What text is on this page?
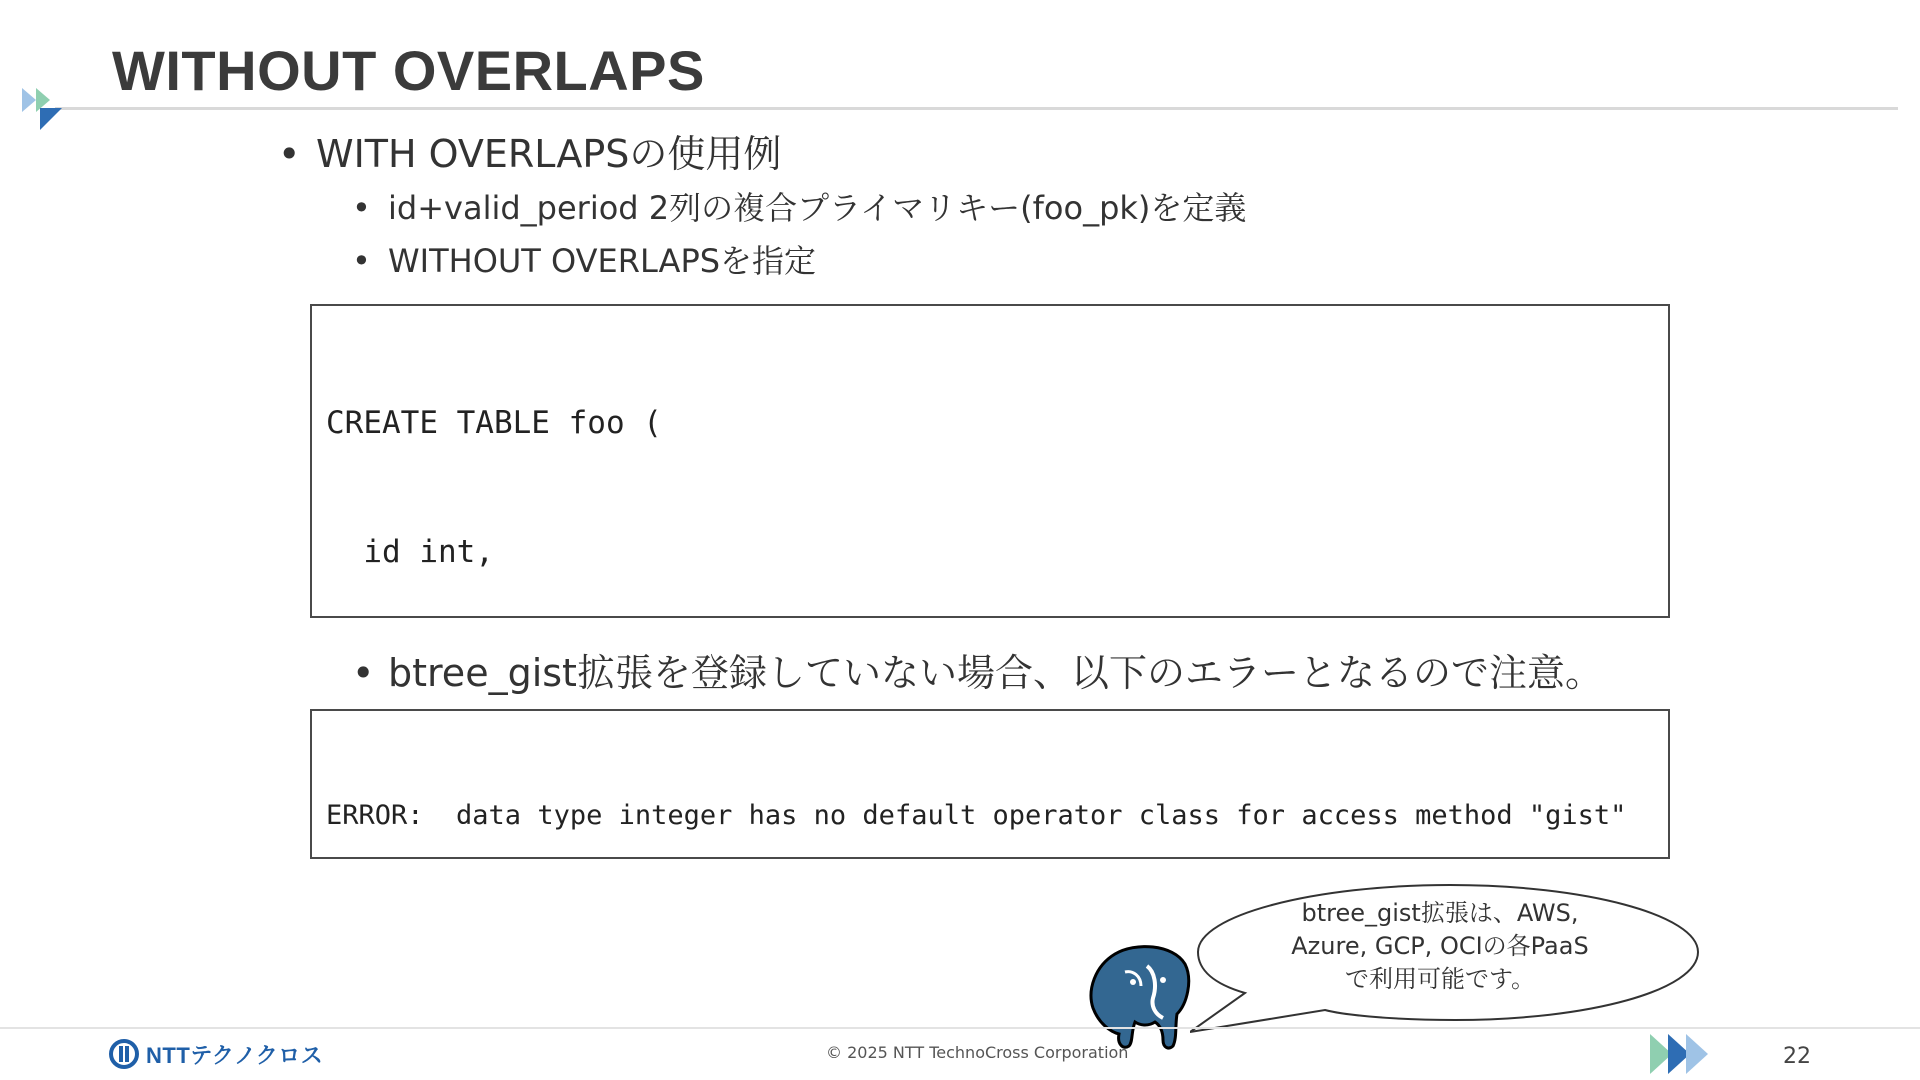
WITHOUT OVERLAPS
• WITH OVERLAPSの使用例
• id+valid_period 2列の複合プライマリキー(foo_pk)を定義
• WITHOUT OVERLAPSを指定

CREATE TABLE foo (

id int,

• btree_gist拡張を登録していない場合、以下のエラーとなるので注意。

ERROR:  data type integer has no default operator class for access method "gist"

btree_gist拡張は、AWS,
Azure, GCP, OCIの各PaaS
で利用可能です。
NTTテクノクロス	© 2025 NTT TechnoCross Corporation	22
